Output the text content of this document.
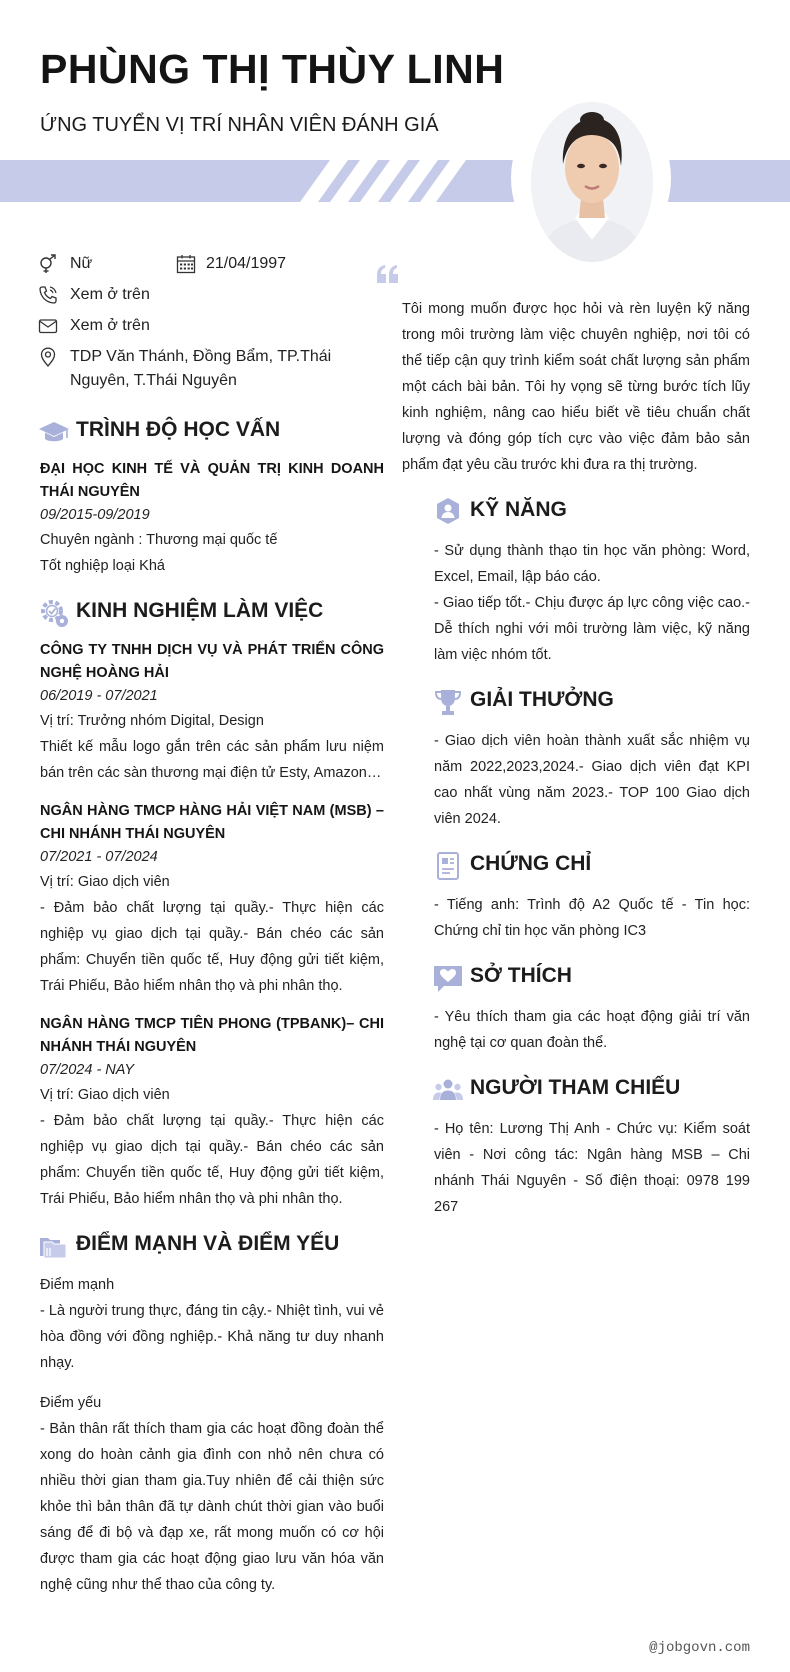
PHÙNG THỊ THÙY LINH
ỨNG TUYỂN VỊ TRÍ NHÂN VIÊN ĐÁNH GIÁ
Nữ
Xem ở trên
Xem ở trên
TDP Văn Thánh, Đồng Bẩm, TP.Thái Nguyên, T.Thái Nguyên
21/04/1997

Tôi mong muốn được học hỏi và rèn luyện kỹ năng trong môi trường làm việc chuyên nghiệp, nơi tôi có thể tiếp cận quy trình kiểm soát chất lượng sản phẩm một cách bài bản. Tôi hy vọng sẽ từng bước tích lũy kinh nghiệm, nâng cao hiểu biết về tiêu chuẩn chất lượng và đóng góp tích cực vào việc đảm bảo sản phẩm đạt yêu cầu trước khi đưa ra thị trường.

TRÌNH ĐỘ HỌC VẤN

ĐẠI HỌC KINH TẾ VÀ QUẢN TRỊ KINH DOANH THÁI NGUYÊN

09/2015-09/2019

Chuyên ngành : Thương mại quốc tế

Tốt nghiệp loại Khá

KINH NGHIỆM LÀM VIỆC

CÔNG TY TNHH DỊCH VỤ VÀ PHÁT TRIỂN CÔNG NGHỆ HOÀNG HẢI

06/2019 - 07/2021

Vị trí: Trưởng nhóm Digital, Design

Thiết kế mẫu logo gắn trên các sản phẩm lưu niệm bán trên các sàn thương mại điện tử Esty, Amazon…

NGÂN HÀNG TMCP HÀNG HẢI VIỆT NAM (MSB) – CHI NHÁNH THÁI NGUYÊN

07/2021 - 07/2024

Vị trí: Giao dịch viên

- Đảm bảo chất lượng tại quầy.- Thực hiện các nghiệp vụ giao dịch tại quầy.- Bán chéo các sản phẩm: Chuyển tiền quốc tế, Huy động gửi tiết kiệm, Trái Phiếu, Bảo hiểm nhân thọ và phi nhân thọ.

NGÂN HÀNG TMCP TIÊN PHONG (TPBANK)– CHI NHÁNH THÁI NGUYÊN

07/2024 - NAY

Vị trí: Giao dịch viên

- Đảm bảo chất lượng tại quầy.- Thực hiện các nghiệp vụ giao dịch tại quầy.- Bán chéo các sản phẩm: Chuyển tiền quốc tế, Huy động gửi tiết kiệm, Trái Phiếu, Bảo hiểm nhân thọ và phi nhân thọ.

ĐIỂM MẠNH VÀ ĐIỂM YẾU

Điểm mạnh

- Là người trung thực, đáng tin cậy.- Nhiệt tình, vui vẻ hòa đồng với đồng nghiệp.- Khả năng tư duy nhanh nhạy.

Điểm yếu

- Bản thân rất thích tham gia các hoạt đồng đoàn thể xong do hoàn cảnh gia đình con nhỏ nên chưa có nhiều thời gian tham gia.Tuy nhiên để cải thiện sức khỏe thì bản thân đã tự dành chút thời gian vào buổi sáng để đi bộ và đạp xe, rất mong muốn có cơ hội được tham gia các hoạt động giao lưu văn hóa văn nghệ cũng như thể thao của công ty.

KỸ NĂNG

- Sử dụng thành thạo tin học văn phòng: Word, Excel, Email, lập báo cáo.

- Giao tiếp tốt.- Chịu được áp lực công việc cao.- Dễ thích nghi với môi trường làm việc, kỹ năng làm việc nhóm tốt.

GIẢI THƯỞNG

- Giao dịch viên hoàn thành xuất sắc nhiệm vụ năm 2022,2023,2024.- Giao dịch viên đạt KPI cao nhất vùng năm 2023.- TOP 100 Giao dịch viên 2024.

CHỨNG CHỈ

- Tiếng anh: Trình độ A2 Quốc tế - Tin học: Chứng chỉ tin học văn phòng IC3

SỞ THÍCH

- Yêu thích tham gia các hoạt động giải trí văn nghệ tại cơ quan đoàn thể.

NGƯỜI THAM CHIẾU

- Họ tên: Lương Thị Anh - Chức vụ: Kiểm soát viên - Nơi công tác: Ngân hàng MSB – Chi nhánh Thái Nguyên - Số điện thoại: 0978 199 267

@jobgovn.com
